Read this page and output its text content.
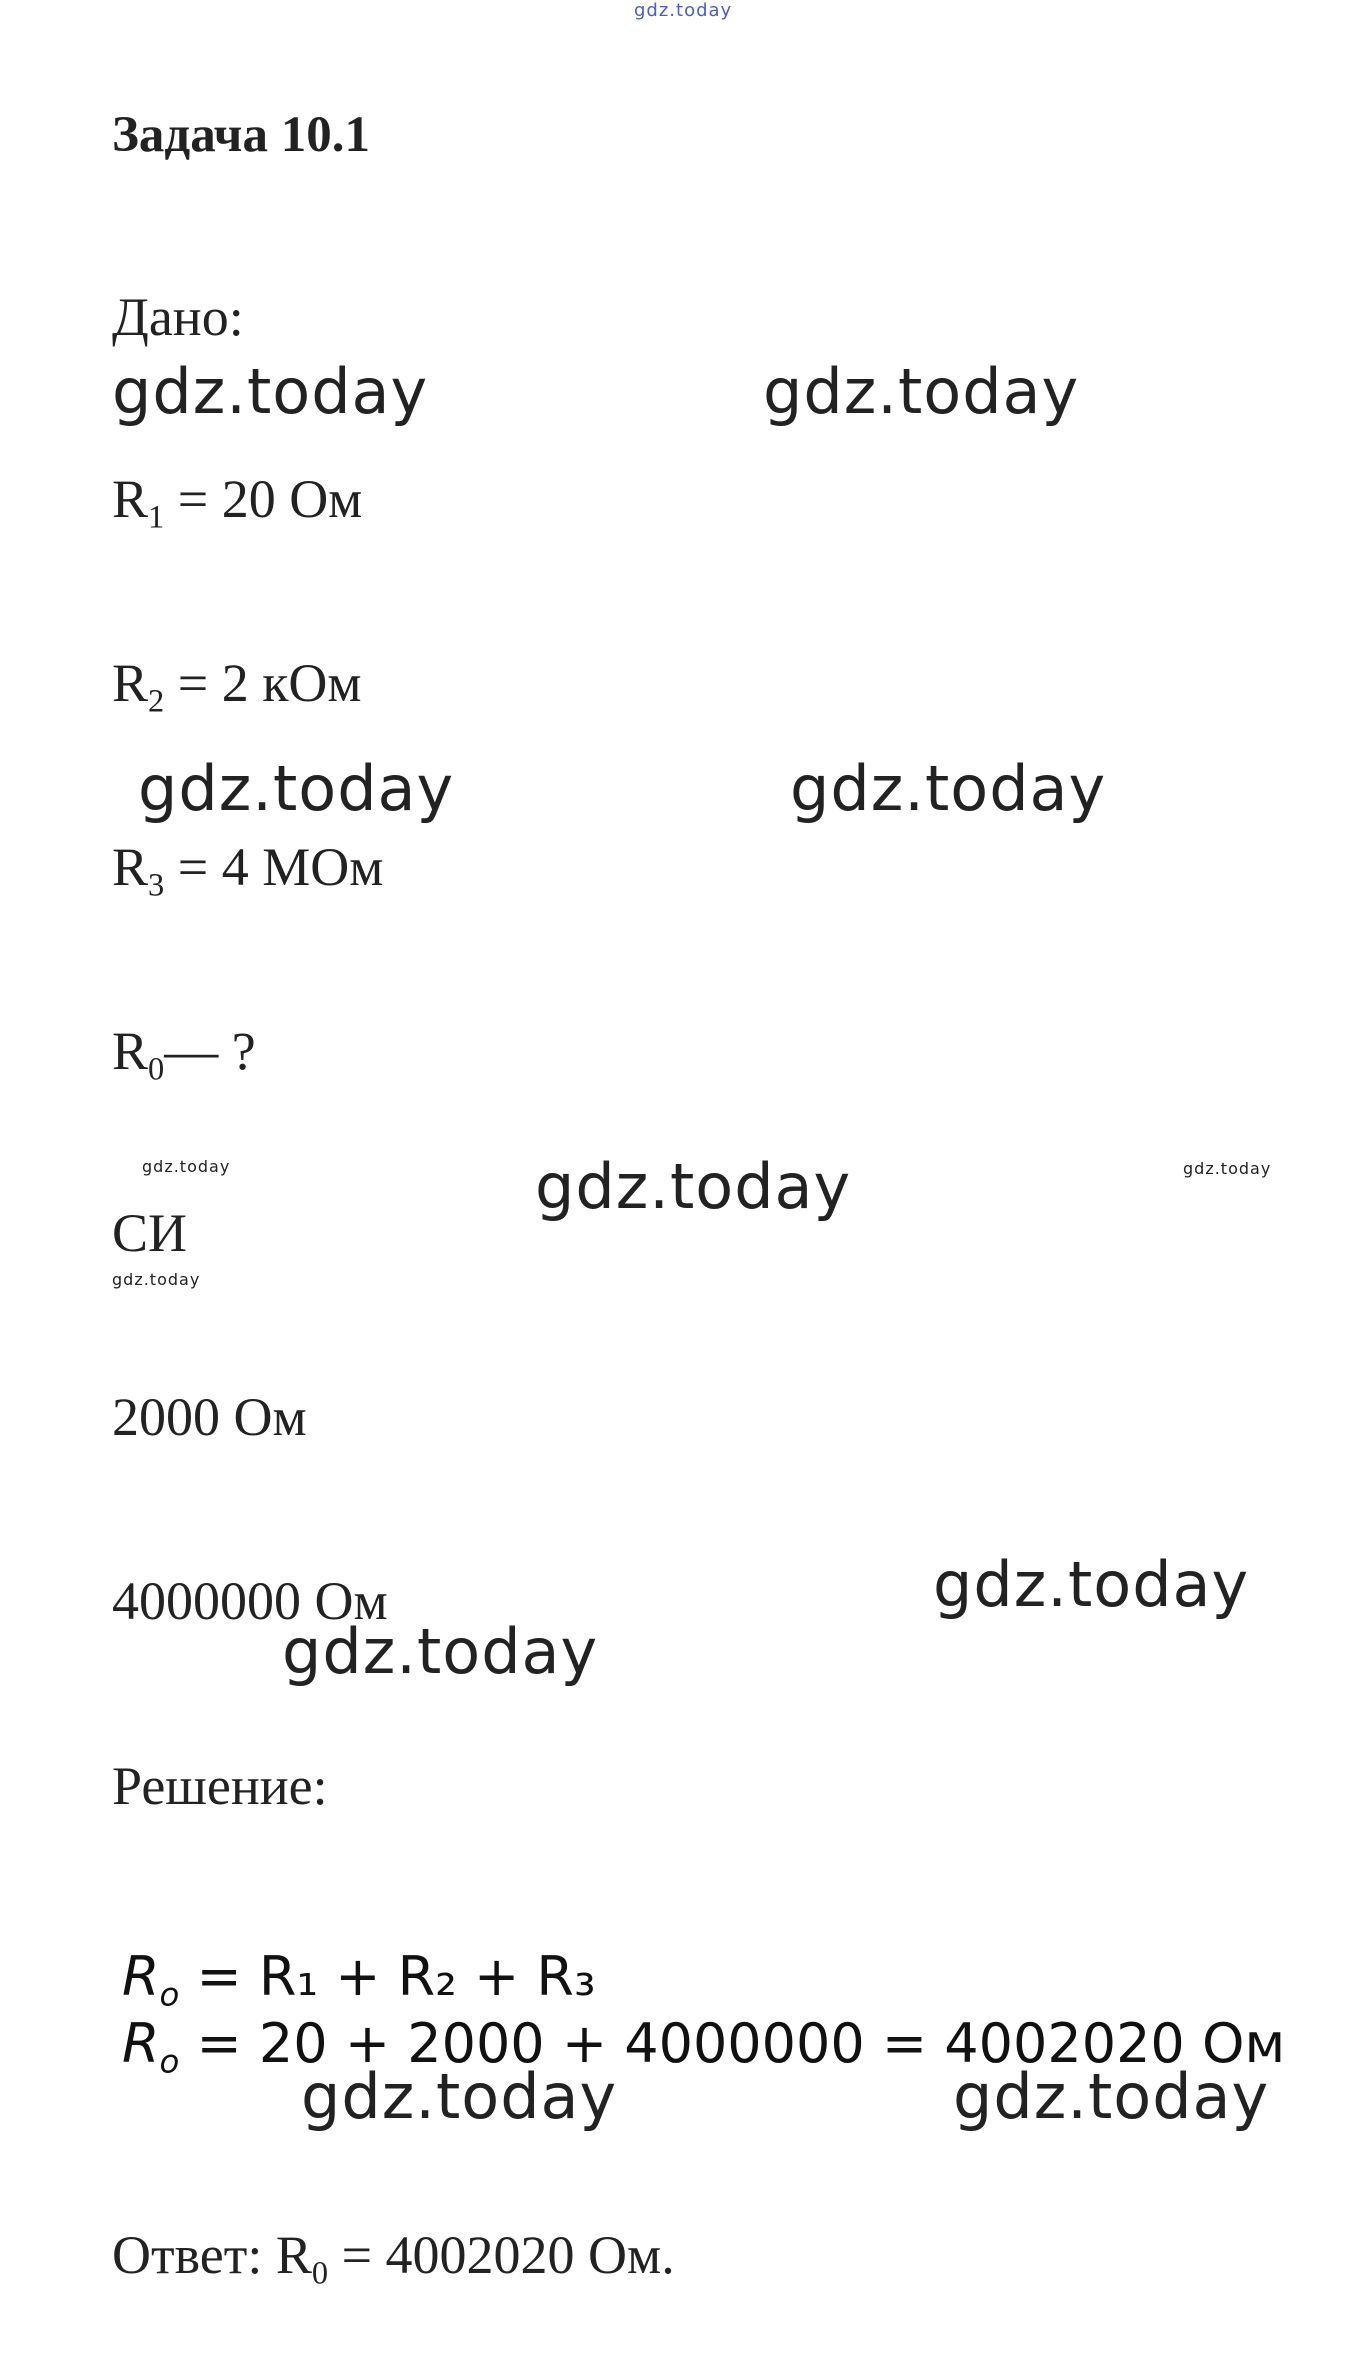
gdz.today
gdz.today	gdz.today
gdz.today	gdz.today
gdz.today	gdz.today	gdz.today
gdz.today
gdz.today
gdz.today
gdz.today	gdz.today
Задача 10.1
Дано:
$R_1 = 20$ Ом
$R_2 = 2$ кОм
$R_3 = 4$ МОм
$R_0—$ ?
СИ
2000 Ом
4000000 Ом
Решение:
$R_o = R_1 + R_2 + R_3$
$R_o = 20 + 2000 + 4000000 = 4002020$ Ом
Ответ: $R_0 = 4002020$ Ом.
